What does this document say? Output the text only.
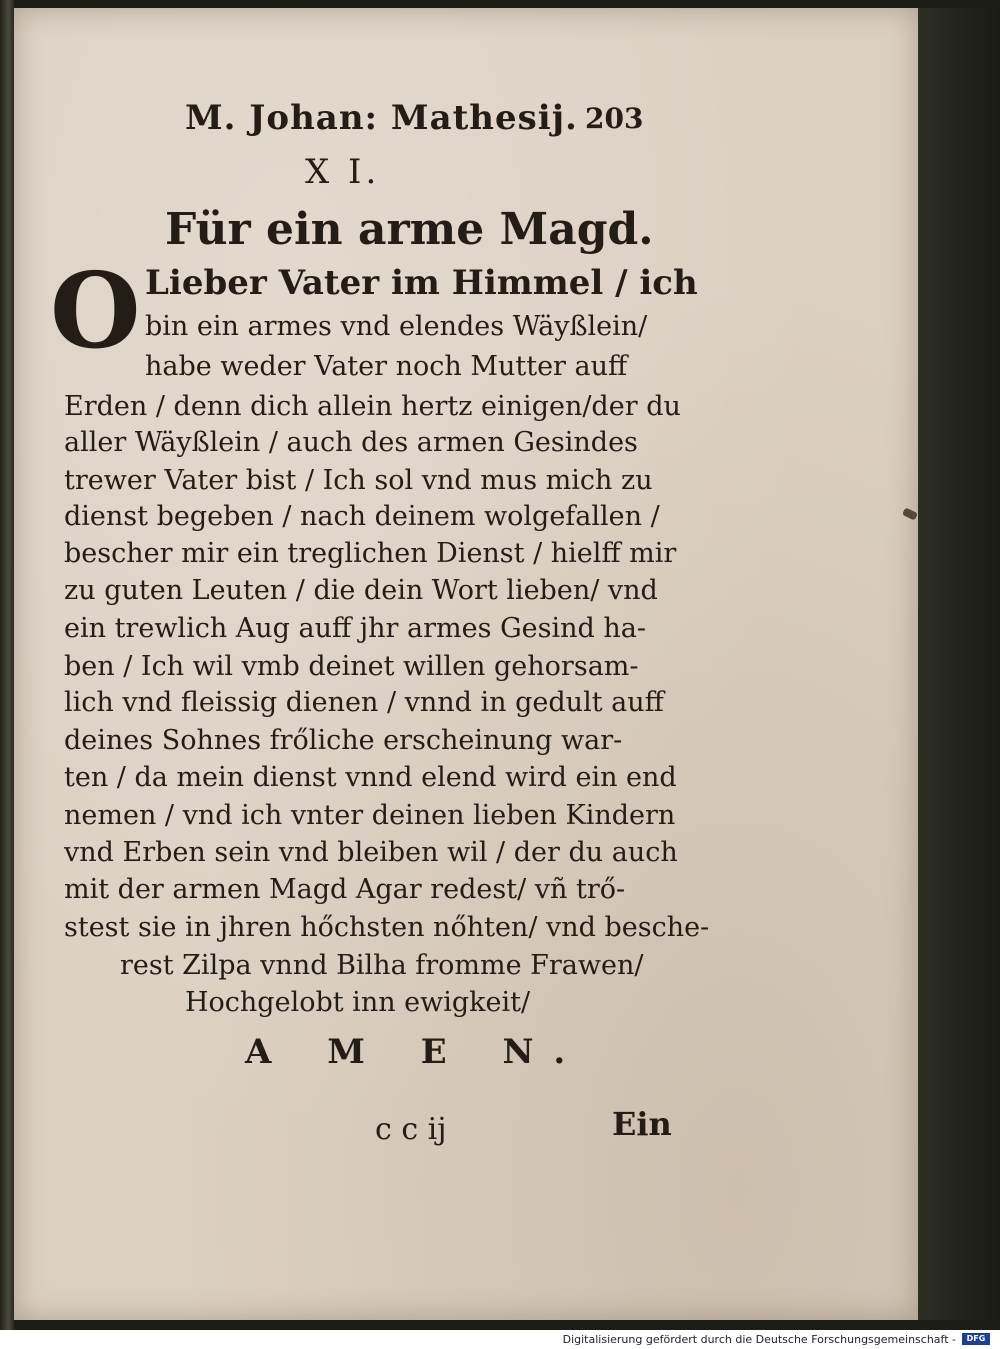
M. Johan: Mathesij. 203
X I.
Für ein arme Magd.
O Lieber Vater im Himmel / ich
bin ein armes vnd elendes Wäyßlein/
habe weder Vater noch Mutter auff
Erden / denn dich allein hertz einigen/der du
aller Wäyßlein / auch des armen Gesindes
trewer Vater bist / Ich sol vnd mus mich zu
dienst begeben / nach deinem wolgefallen /
bescher mir ein treglichen Dienst / hielff mir
zu guten Leuten / die dein Wort lieben/ vnd
ein trewlich Aug auff jhr armes Gesind ha-
ben / Ich wil vmb deinet willen gehorsam-
lich vnd fleissig dienen / vnnd in gedult auff
deines Sohnes frőliche erscheinung war-
ten / da mein dienst vnnd elend wird ein end
nemen / vnd ich vnter deinen lieben Kindern
vnd Erben sein vnd bleiben wil / der du auch
mit der armen Magd Agar redest/ vñ trő-
stest sie in jhren hőchsten nőhten/ vnd besche-
rest Zilpa vnnd Bilha fromme Frawen/
Hochgelobt inn ewigkeit/
A M E N.
c c ij	Ein
Digitalisierung gefördert durch die Deutsche Forschungsgemeinschaft -	DFG
